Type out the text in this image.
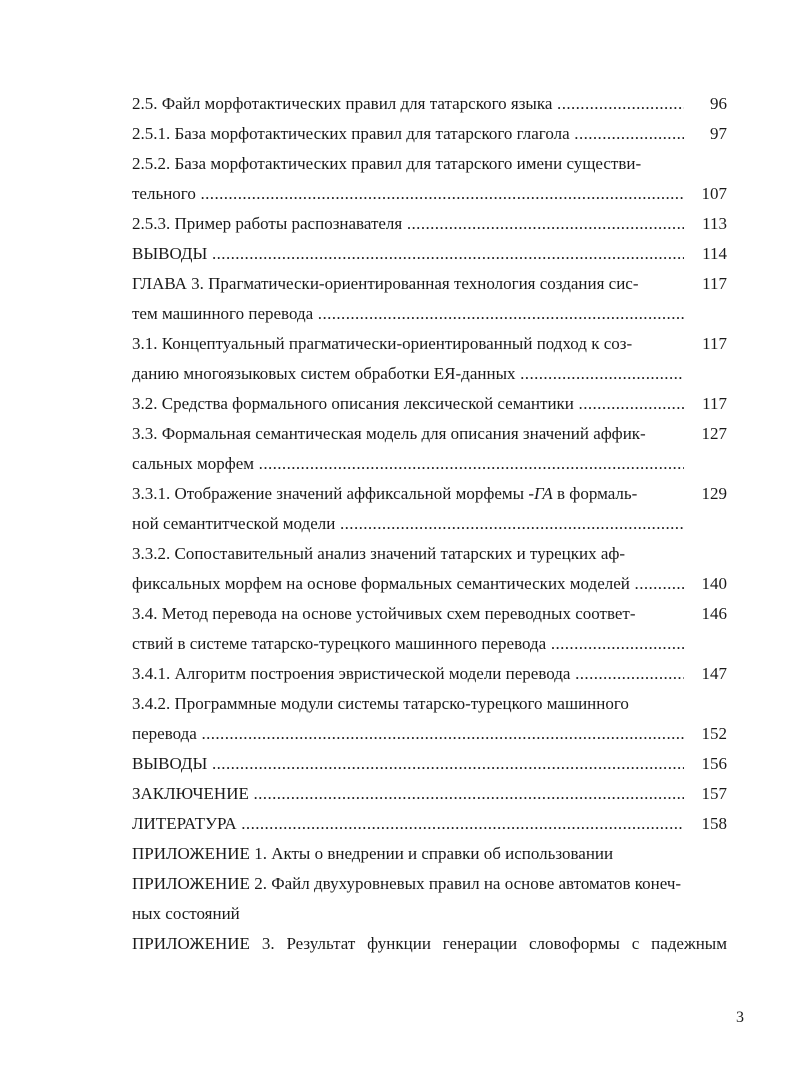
2.5. Файл морфотактических правил для татарского языка .....	96
2.5.1. База морфотактических правил для татарского глагола .....	97
2.5.2. База морфотактических правил для татарского имени существи-
тельного .....	107
2.5.3. Пример работы распознавателя .....	113
ВЫВОДЫ .....	114
ГЛАВА 3. Прагматически-ориентированная технология создания сис-	117
тем машинного перевода .....
3.1. Концептуальный прагматически-ориентированный подход к соз-	117
данию многоязыковых систем обработки ЕЯ-данных .....
3.2. Средства формального описания лексической семантики .....	117
3.3. Формальная семантическая модель для описания значений аффик-	127
сальных морфем .....
3.3.1. Отображение значений аффиксальной морфемы -ГА в формаль-	129
ной семантитческой модели .....
3.3.2. Сопоставительный анализ значений татарских и турецких аф-
фиксальных морфем на основе формальных семантических моделей .....	140
3.4. Метод перевода на основе устойчивых схем переводных соответ-	146
ствий в системе татарско-турецкого машинного перевода .....
3.4.1. Алгоритм построения эвристической модели перевода .....	147
3.4.2. Программные модули системы татарско-турецкого машинного
перевода .....	152
ВЫВОДЫ .....	156
ЗАКЛЮЧЕНИЕ .....	157
ЛИТЕРАТУРА .....	158
ПРИЛОЖЕНИЕ 1. Акты о внедрении и справки об использовании
ПРИЛОЖЕНИЕ 2. Файл двухуровневых правил на основе автоматов конеч-
ных состояний
ПРИЛОЖЕНИЕ 3. Результат функции генерации словоформы с падежным
3
